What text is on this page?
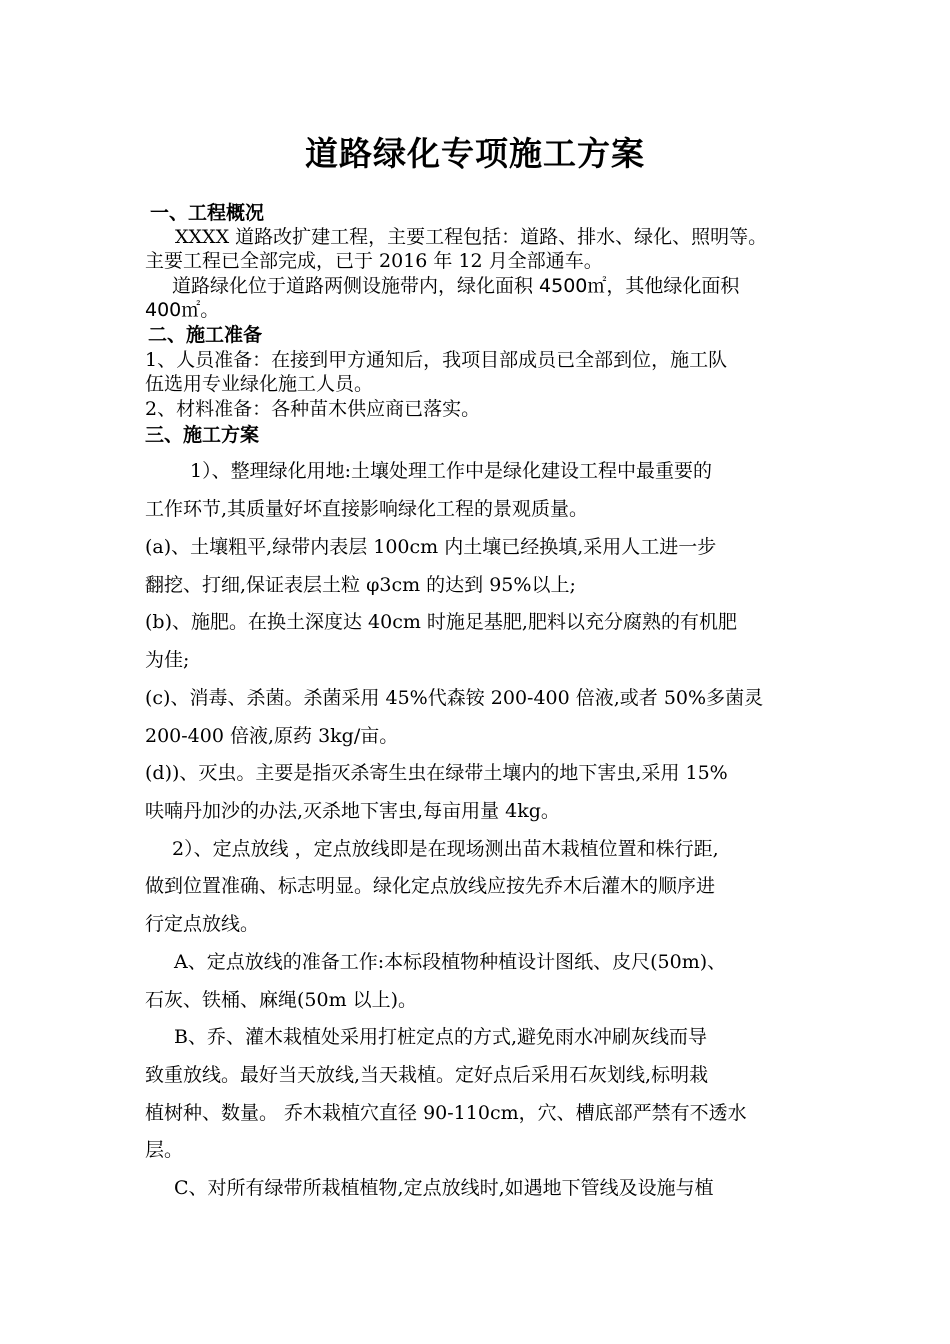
道路绿化专项施工方案
一、工程概况
XXXX 道路改扩建工程，主要工程包括：道路、排水、绿化、照明等。
主要工程已全部完成，已于 2016 年 12 月全部通车。
道路绿化位于道路两侧设施带内，绿化面积 4500㎡，其他绿化面积
400㎡。
二、施工准备
1、人员准备：在接到甲方通知后，我项目部成员已全部到位，施工队
伍选用专业绿化施工人员。
2、材料准备：各种苗木供应商已落实。
三、施工方案
1）、整理绿化用地:土壤处理工作中是绿化建设工程中最重要的
工作环节,其质量好坏直接影响绿化工程的景观质量。
(a)、土壤粗平,绿带内表层 100cm 内土壤已经换填,采用人工进一步
翻挖、打细,保证表层土粒 φ3cm 的达到 95%以上;
(b)、施肥。在换土深度达 40cm 时施足基肥,肥料以充分腐熟的有机肥
为佳;
(c)、消毒、杀菌。杀菌采用 45%代森铵 200-400 倍液,或者 50%多菌灵
200-400 倍液,原药 3kg/亩。
(d))、灭虫。主要是指灭杀寄生虫在绿带土壤内的地下害虫,采用 15%
呋喃丹加沙的办法,灭杀地下害虫,每亩用量 4kg。
2）、定点放线 ，定点放线即是在现场测出苗木栽植位置和株行距,
做到位置准确、标志明显。绿化定点放线应按先乔木后灌木的顺序进
行定点放线。
A、定点放线的准备工作:本标段植物种植设计图纸、皮尺(50m)、
石灰、铁桶、麻绳(50m 以上)。
B、乔、灌木栽植处采用打桩定点的方式,避免雨水冲刷灰线而导
致重放线。最好当天放线,当天栽植。定好点后采用石灰划线,标明栽
植树种、数量。 乔木栽植穴直径 90-110cm，穴、槽底部严禁有不透水
层。
C、对所有绿带所栽植植物,定点放线时,如遇地下管线及设施与植
